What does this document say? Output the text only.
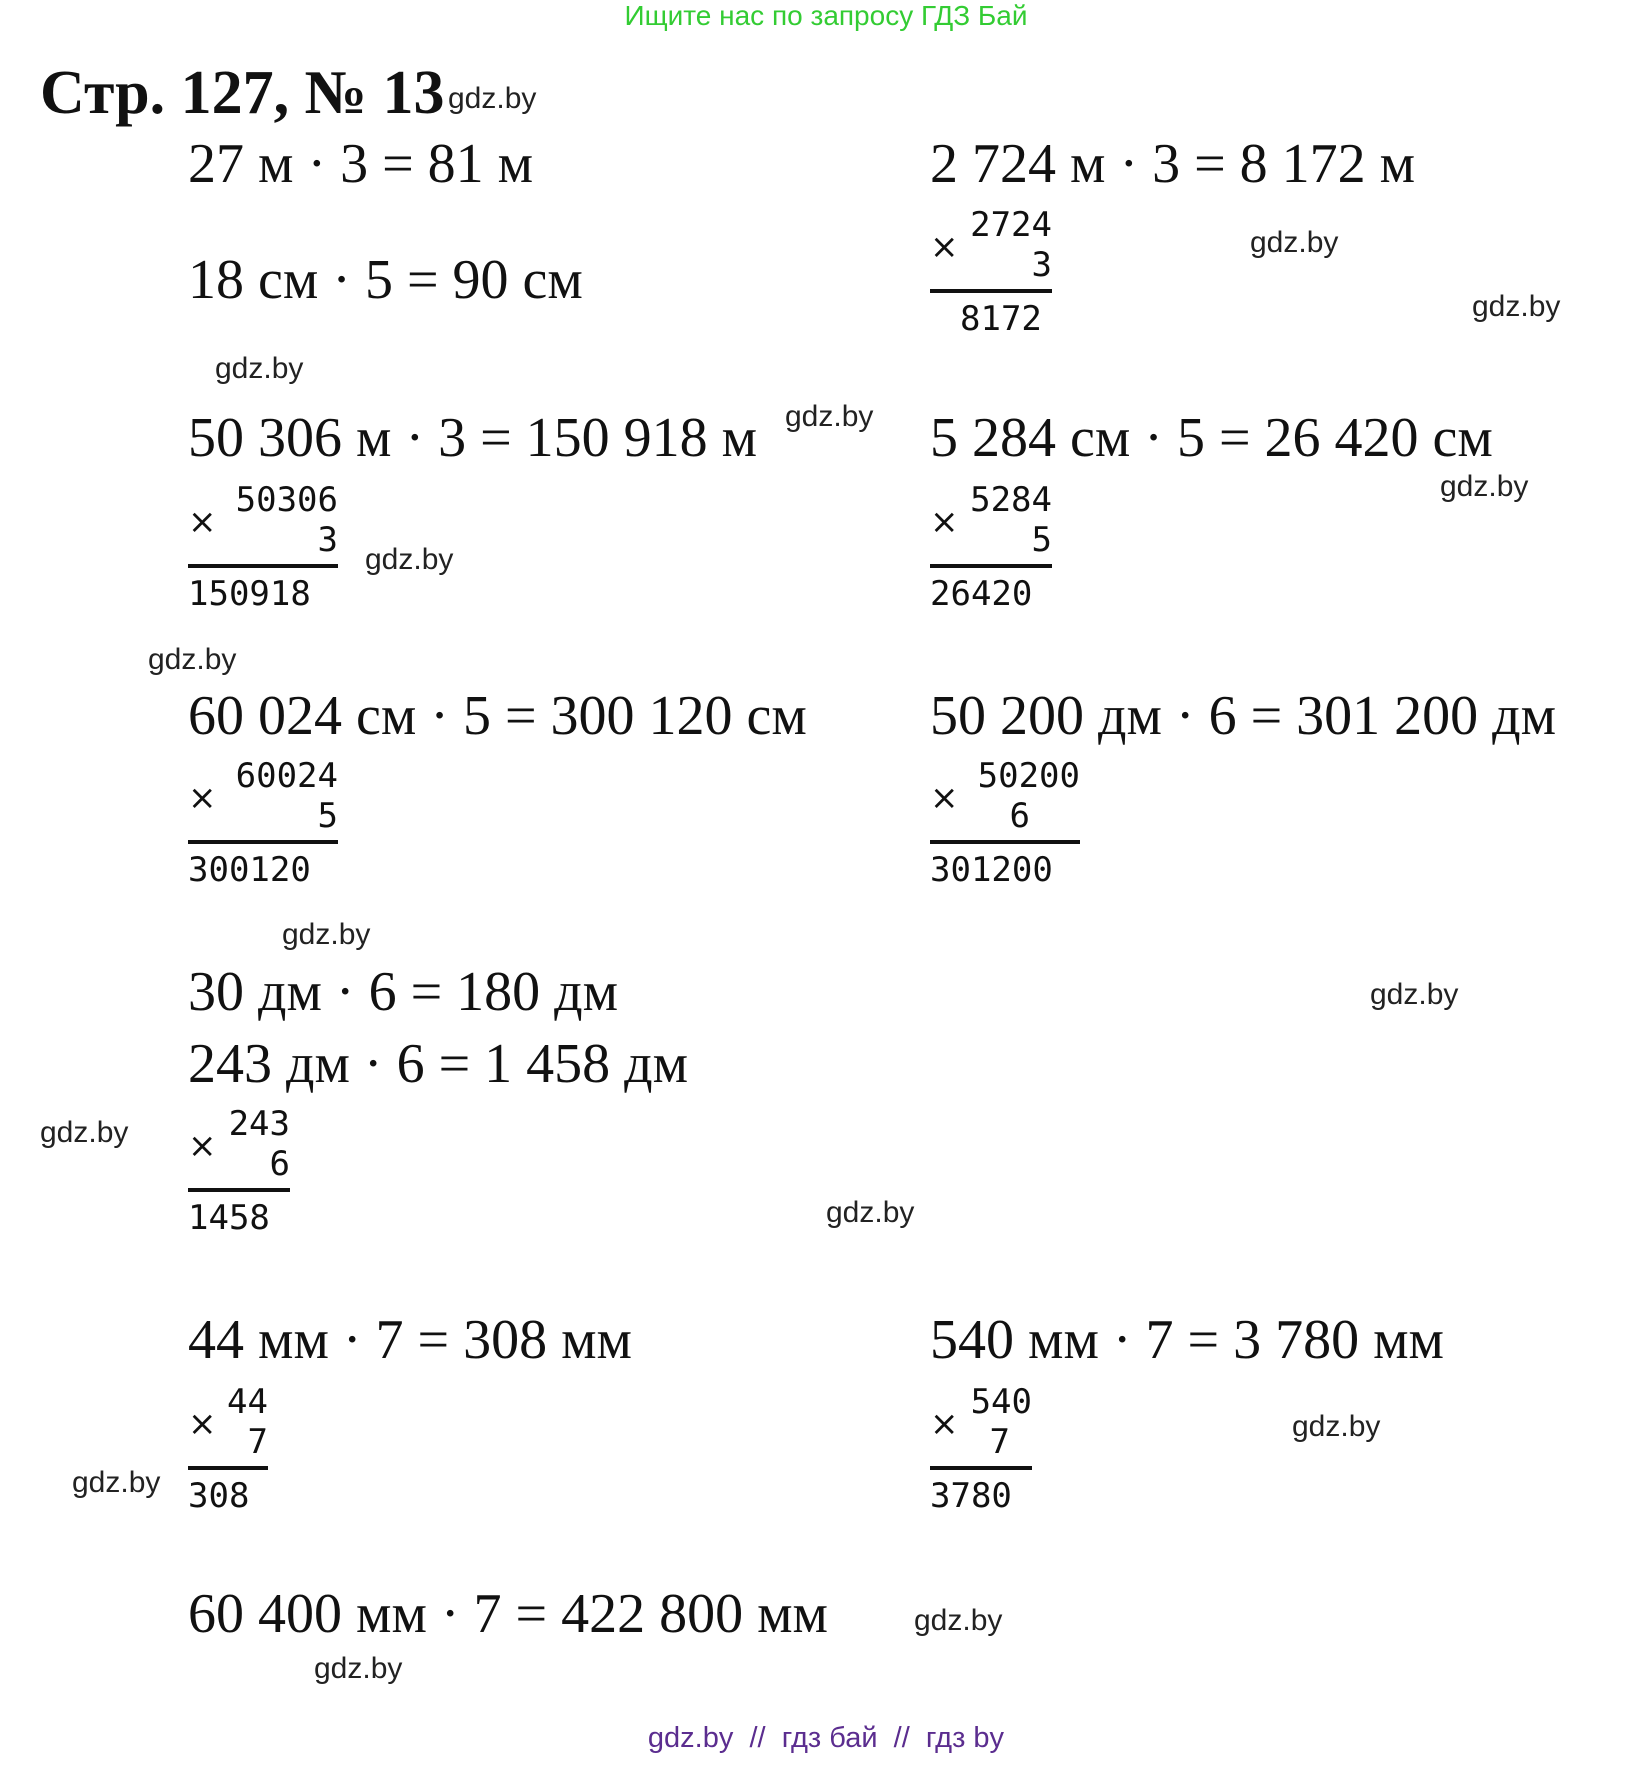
Ищите нас по запросу ГДЗ Бай
Стр. 127, № 13 gdz.by
27 м · 3 = 81 м
18 см · 5 = 90 см
gdz.by
2 724 м · 3 = 8 172 м
×
2724
3
8172
gdz.by
gdz.by
50 306 м · 3 = 150 918 м gdz.by
×
50306
3
150918
gdz.by
5 284 см · 5 = 26 420 см
gdz.by
×
5284
5
26420
gdz.by
60 024 см · 5 = 300 120 см
×
60024
5
300120
50 200 дм · 6 = 301 200 дм
×
50200
6
301200
gdz.by
30 дм · 6 = 180 дм	gdz.by
243 дм · 6 = 1 458 дм
gdz.by ×
243
6
1458	gdz.by
44 мм · 7 = 308 мм
×
44
7
308
gdz.by
540 мм · 7 = 3 780 мм
×
540
7
3780
gdz.by
60 400 мм · 7 = 422 800 мм	gdz.by
gdz.by
gdz.by  //  гдз бай  //  гдз by
